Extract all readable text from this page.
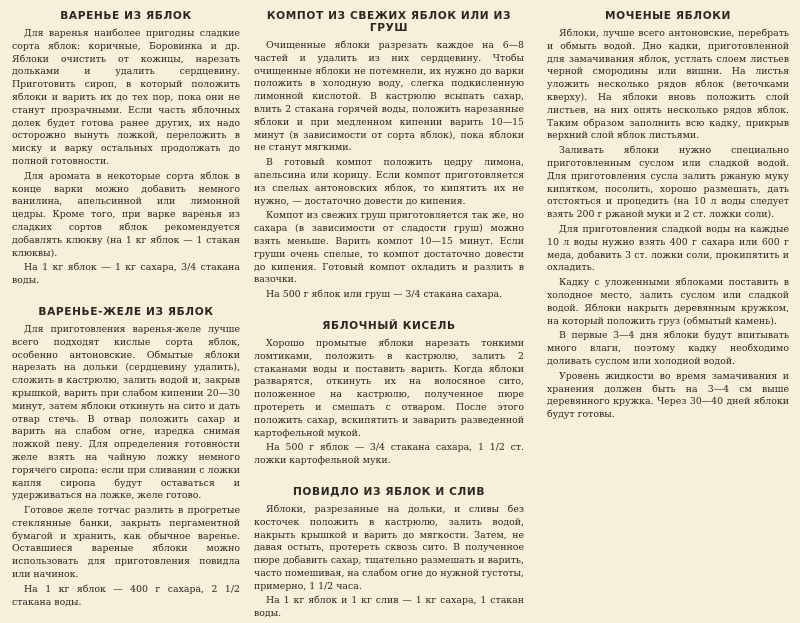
ВАРЕНЬЕ ИЗ ЯБЛОК

Для варенья наиболее пригодны сладкие сорта яблок: коричные, Боровинка и др. Яблоки очистить от кожицы, нарезать дольками и удалить сердцевину. Приготовить сироп, в который положить яблоки и варить их до тех пор, пока они не станут прозрачными. Если часть яблочных долек будет готова ранее других, их надо осторожно вынуть ложкой, переложить в миску и варку остальных продолжать до полной готовности.

Для аромата в некоторые сорта яблок в конце варки можно добавить немного ванилина, апельсинной или лимонной цедры. Кроме того, при варке варенья из сладких сортов яблок рекомендуется добавлять клюкву (на 1 кг яблок — 1 стакан клюквы).

На 1 кг яблок — 1 кг сахара, 3/4 стакана воды.

ВАРЕНЬЕ-ЖЕЛЕ ИЗ ЯБЛОК

Для приготовления варенья-желе лучше всего подходят кислые сорта яблок, особенно антоновские. Обмытые яблоки нарезать на дольки (сердцевину удалить), сложить в кастрюлю, залить водой и, закрыв крышкой, варить при слабом кипении 20—30 минут, затем яблоки откинуть на сито и дать отвар стечь. В отвар положить сахар и варить на слабом огне, изредка снимая ложкой пену. Для определения готовности желе взять на чайную ложку немного горячего сиропа: если при сливании с ложки капля сиропа будут оставаться и удерживаться на ложке, желе готово.

Готовое желе тотчас разлить в прогретые стеклянные банки, закрыть пергаментной бумагой и хранить, как обычное варенье. Оставшиеся вареные яблоки можно использовать для приготовления повидла или начинок.

На 1 кг яблок — 400 г сахара, 2 1/2 стакана воды.

КОМПОТ ИЗ СВЕЖИХ ЯБЛОК ИЛИ ИЗ ГРУШ

Очищенные яблоки разрезать каждое на 6—8 частей и удалить из них сердцевину. Чтобы очищенные яблоки не потемнели, их нужно до варки положить в холодную воду, слегка подкисленную лимонной кислотой. В кастрюлю всыпать сахар, влить 2 стакана горячей воды, положить нарезанные яблоки и при медленном кипении варить 10—15 минут (в зависимости от сорта яблок), пока яблоки не станут мягкими.

В готовый компот положить цедру лимона, апельсина или корицу. Если компот приготовляется из спелых антоновских яблок, то кипятить их не нужно, — достаточно довести до кипения.

Компот из свежих груш приготовляется так же, но сахара (в зависимости от сладости груш) можно взять меньше. Варить компот 10—15 минут. Если груши очень спелые, то компот достаточно довести до кипения. Готовый компот охладить и разлить в вазочки.

На 500 г яблок или груш — 3/4 стакана сахара.

ЯБЛОЧНЫЙ КИСЕЛЬ

Хорошо промытые яблоки нарезать тонкими ломтиками, положить в кастрюлю, залить 2 стаканами воды и поставить варить. Когда яблоки разварятся, откинуть их на волосяное сито, положенное на кастрюлю, полученное пюре протереть и смешать с отваром. После этого положить сахар, вскипятить и заварить разведенной картофельной мукой.

На 500 г яблок — 3/4 стакана сахара, 1 1/2 ст. ложки картофельной муки.

ПОВИДЛО ИЗ ЯБЛОК И СЛИВ

Яблоки, разрезанные на дольки, и сливы без косточек положить в кастрюлю, залить водой, накрыть крышкой и варить до мягкости. Затем, не давая остыть, протереть сквозь сито. В полученное пюре добавить сахар, тщательно размешать и варить, часто помешивая, на слабом огне до нужной густоты, примерно, 1 1/2 часа.

На 1 кг яблок и 1 кг слив — 1 кг сахара, 1 стакан воды.

МОЧЕНЫЕ ЯБЛОКИ

Яблоки, лучше всего антоновские, перебрать и обмыть водой. Дно кадки, приготовленной для замачивания яблок, устлать слоем листьев черной смородины или вишни. На листья уложить несколько рядов яблок (веточками кверху). На яблоки вновь положить слой листьев, на них опять несколько рядов яблок. Таким образом заполнить всю кадку, прикрыв верхний слой яблок листьями.

Заливать яблоки нужно специально приготовленным суслом или сладкой водой. Для приготовления сусла залить ржаную муку кипятком, посолить, хорошо размешать, дать отстояться и процедить (на 10 л воды следует взять 200 г ржаной муки и 2 ст. ложки соли).

Для приготовления сладкой воды на каждые 10 л воды нужно взять 400 г сахара или 600 г меда, добавить 3 ст. ложки соли, прокипятить и охладить.

Кадку с уложенными яблоками поставить в холодное место, залить суслом или сладкой водой. Яблоки накрыть деревянным кружком, на который положить груз (обмытый камень).

В первые 3—4 дня яблоки будут впитывать много влаги, поэтому кадку необходимо доливать суслом или холодной водой.

Уровень жидкости во время замачивания и хранения должен быть на 3—4 см выше деревянного кружка. Через 30—40 дней яблоки будут готовы.
